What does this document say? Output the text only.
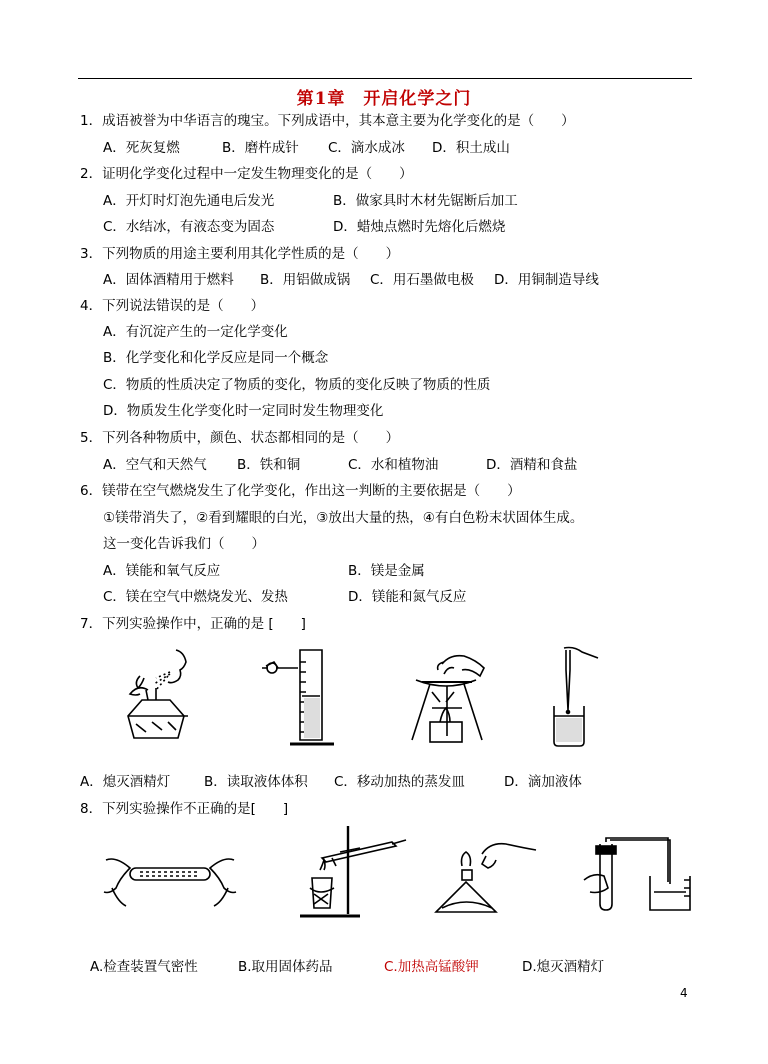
第1章　开启化学之门
1．成语被誉为中华语言的瑰宝。下列成语中，其本意主要为化学变化的是（　　）
A．死灰复燃	B．磨杵成针 C．滴水成冰 D．积土成山
2．证明化学变化过程中一定发生物理变化的是（　　）
A．开灯时灯泡先通电后发光	B．做家具时木材先锯断后加工
C．水结冰，有液态变为固态	D．蜡烛点燃时先熔化后燃烧
3．下列物质的用途主要利用其化学性质的是（　　）
A．固体酒精用于燃料 B．用铝做成锅 C．用石墨做电极 D．用铜制造导线
4．下列说法错误的是（　　）
A．有沉淀产生的一定化学变化
B．化学变化和化学反应是同一个概念
C．物质的性质决定了物质的变化，物质的变化反映了物质的性质
D．物质发生化学变化时一定同时发生物理变化
5．下列各种物质中，颜色、状态都相同的是（　　）
A．空气和天然气 B．铁和铜	C．水和植物油	D．酒精和食盐
6．镁带在空气燃烧发生了化学变化，作出这一判断的主要依据是（　　）
①镁带消失了，②看到耀眼的白光，③放出大量的热，④有白色粉末状固体生成。
这一变化告诉我们（　　）
A．镁能和氧气反应	B．镁是金属
C．镁在空气中燃烧发光、发热	D．镁能和氮气反应
7．下列实验操作中，正确的是 [　　]
A．熄灭酒精灯	B．读取液体体积 C．移动加热的蒸发皿	D．滴加液体
8．下列实验操作不正确的是[　　]
A.检查装置气密性	B.取用固体药品	C.加热高锰酸钾	D.熄灭酒精灯
4
